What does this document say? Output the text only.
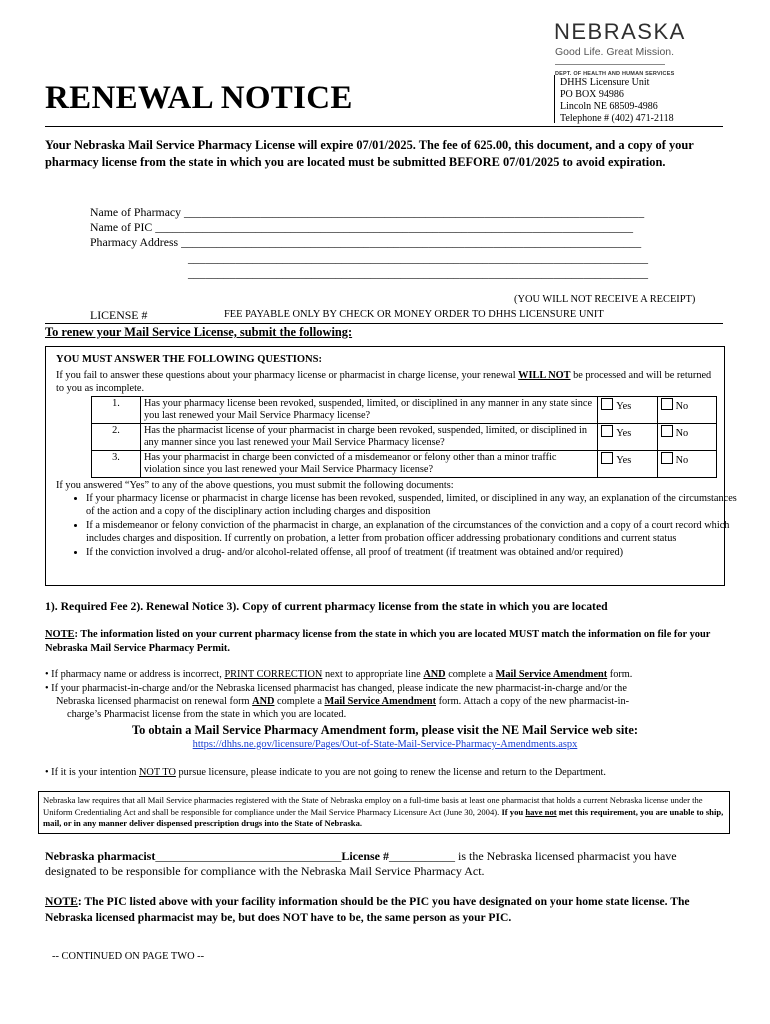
NEBRASKA
Good Life. Great Mission.
DEPT. OF HEALTH AND HUMAN SERVICES
DHHS Licensure Unit
PO BOX 94986
Lincoln NE 68509-4986
Telephone # (402) 471-2118
RENEWAL NOTICE
Your Nebraska Mail Service Pharmacy License will expire 07/01/2025. The fee of 625.00, this document, and a copy of your pharmacy license from the state in which you are located must be submitted BEFORE 07/01/2025 to avoid expiration.
Name of Pharmacy ______________________________________________________________________________
Name of PIC _________________________________________________________________________________
Pharmacy Address ______________________________________________________________________________
______________________________________________________________________________
______________________________________________________________________________
(YOU WILL NOT RECEIVE A RECEIPT)
LICENSE #	FEE PAYABLE ONLY BY CHECK OR MONEY ORDER TO DHHS LICENSURE UNIT
To renew your Mail Service License, submit the following:
YOU MUST ANSWER THE FOLLOWING QUESTIONS:
If you fail to answer these questions about your pharmacy license or pharmacist in charge license, your renewal WILL NOT be processed and will be returned to you as incomplete.
1.	Has your pharmacy license been revoked, suspended, limited, or disciplined in any manner in any state since you last renewed your Mail Service Pharmacy license?	Yes	No
2.	Has the pharmacist license of your pharmacist in charge been revoked, suspended, limited, or disciplined in any manner since you last renewed your Mail Service Pharmacy license?	Yes	No
3.	Has your pharmacist in charge been convicted of a misdemeanor or felony other than a minor traffic violation since you last renewed your Mail Service Pharmacy license?	Yes	No
If you answered “Yes” to any of the above questions, you must submit the following documents:
• If your pharmacy license or pharmacist in charge license has been revoked, suspended, limited, or disciplined in any way, an explanation of the circumstances of the action and a copy of the disciplinary action including charges and disposition
• If a misdemeanor or felony conviction of the pharmacist in charge, an explanation of the circumstances of the conviction and a copy of a court record which includes charges and disposition. If currently on probation, a letter from probation officer addressing probationary conditions and current status
• If the conviction involved a drug- and/or alcohol-related offense, all proof of treatment (if treatment was obtained and/or required)
1). Required Fee 2). Renewal Notice 3). Copy of current pharmacy license from the state in which you are located
NOTE: The information listed on your current pharmacy license from the state in which you are located MUST match the information on file for your Nebraska Mail Service Pharmacy Permit.
• If pharmacy name or address is incorrect, PRINT CORRECTION next to appropriate line AND complete a Mail Service Amendment form.
• If your pharmacist-in-charge and/or the Nebraska licensed pharmacist has changed, please indicate the new pharmacist-in-charge and/or the
Nebraska licensed pharmacist on renewal form AND complete a Mail Service Amendment form. Attach a copy of the new pharmacist-in-
charge’s Pharmacist license from the state in which you are located.
To obtain a Mail Service Pharmacy Amendment form, please visit the NE Mail Service web site:
https://dhhs.ne.gov/licensure/Pages/Out-of-State-Mail-Service-Pharmacy-Amendments.aspx
• If it is your intention NOT TO pursue licensure, please indicate to you are not going to renew the license and return to the Department.
Nebraska law requires that all Mail Service pharmacies registered with the State of Nebraska employ on a full-time basis at least one pharmacist that holds a current Nebraska license under the Uniform Credentialing Act and shall be responsible for compliance under the Mail Service Pharmacy Licensure Act (June 30, 2004). If you have not met this requirement, you are unable to ship, mail, or in any manner deliver dispensed prescription drugs into the State of Nebraska.
Nebraska pharmacist_______________________________License #___________ is the Nebraska licensed pharmacist you have
designated to be responsible for compliance with the Nebraska Mail Service Pharmacy Act.
NOTE: The PIC listed above with your facility information should be the PIC you have designated on your home state license. The Nebraska licensed pharmacist may be, but does NOT have to be, the same person as your PIC.
-- CONTINUED ON PAGE TWO --
